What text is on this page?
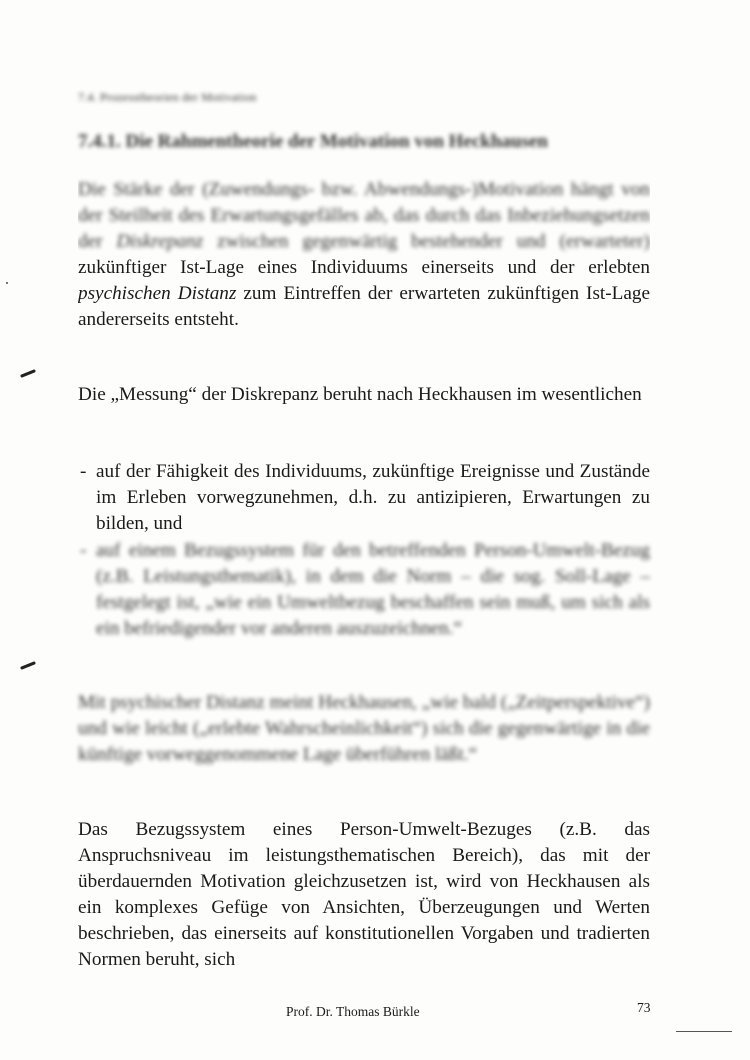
7.4. Prozesstheorien der Motivation
7.4.1. Die Rahmentheorie der Motivation von Heckhausen

Die Stärke der (Zuwendungs- bzw. Abwendungs-)Motivation hängt von der Steilheit des Erwartungsgefälles ab, das durch das Inbeziehungsetzen der Diskrepanz zwischen gegenwärtig bestehender und (erwarteter)

zukünftiger Ist-Lage eines Individuums einerseits und der erlebten psychischen Distanz zum Eintreffen der erwarteten zukünftigen Ist-Lage andererseits entsteht.

Die „Messung“ der Diskrepanz beruht nach Heckhausen im wesentlichen

- auf der Fähigkeit des Individuums, zukünftige Ereignisse und Zustände im Erleben vorwegzunehmen, d.h. zu antizipieren, Erwartungen zu bilden, und
- auf einem Bezugssystem für den betreffenden Person-Umwelt-Bezug (z.B. Leistungsthematik), in dem die Norm – die sog. Soll-Lage – festgelegt ist, „wie ein Umweltbezug beschaffen sein muß, um sich als ein befriedigender vor anderen auszuzeichnen.“

Mit psychischer Distanz meint Heckhausen, „wie bald („Zeitperspektive“) und wie leicht („erlebte Wahrscheinlichkeit“) sich die gegenwärtige in die künftige vorweggenommene Lage überführen läßt.“

Das Bezugssystem eines Person-Umwelt-Bezuges (z.B. das Anspruchsniveau im leistungsthematischen Bereich), das mit der überdauernden Motivation gleichzusetzen ist, wird von Heckhausen als ein komplexes Gefüge von Ansichten, Überzeugungen und Werten beschrieben, das einerseits auf konstitutionellen Vorgaben und tradierten Normen beruht, sich

Prof. Dr. Thomas Bürkle	73
